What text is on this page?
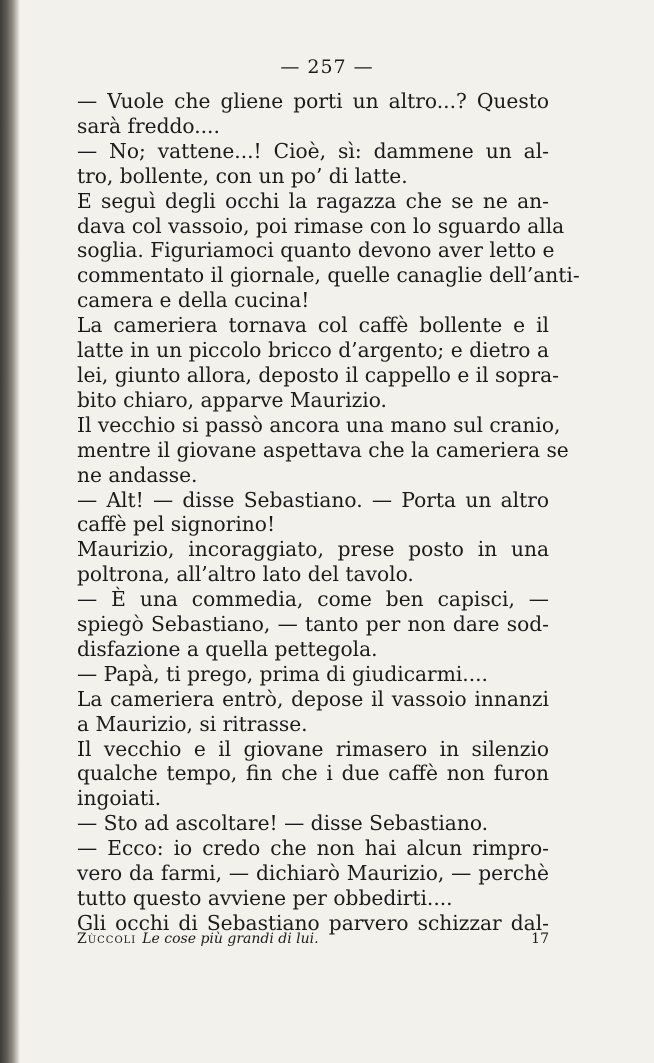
— 257 —
— Vuole che gliene porti un altro...? Questo
sarà freddo....
— No; vattene...! Cioè, sì: dammene un al-
tro, bollente, con un po’ di latte.
E seguì degli occhi la ragazza che se ne an-
dava col vassoio, poi rimase con lo sguardo alla
soglia. Figuriamoci quanto devono aver letto e
commentato il giornale, quelle canaglie dell’anti-
camera e della cucina!
La cameriera tornava col caffè bollente e il
latte in un piccolo bricco d’argento; e dietro a
lei, giunto allora, deposto il cappello e il sopra-
bito chiaro, apparve Maurizio.
Il vecchio si passò ancora una mano sul cranio,
mentre il giovane aspettava che la cameriera se
ne andasse.
— Alt! — disse Sebastiano. — Porta un altro
caffè pel signorino!
Maurizio, incoraggiato, prese posto in una
poltrona, all’altro lato del tavolo.
— È una commedia, come ben capisci, —
spiegò Sebastiano, — tanto per non dare sod-
disfazione a quella pettegola.
— Papà, ti prego, prima di giudicarmi....
La cameriera entrò, depose il vassoio innanzi
a Maurizio, si ritrasse.
Il vecchio e il giovane rimasero in silenzio
qualche tempo, fin che i due caffè non furon
ingoiati.
— Sto ad ascoltare! — disse Sebastiano.
— Ecco: io credo che non hai alcun rimpro-
vero da farmi, — dichiarò Maurizio, — perchè
tutto questo avviene per obbedirti....
Gli occhi di Sebastiano parvero schizzar dal-
Zùccoli Le cose più grandi di lui.	17
